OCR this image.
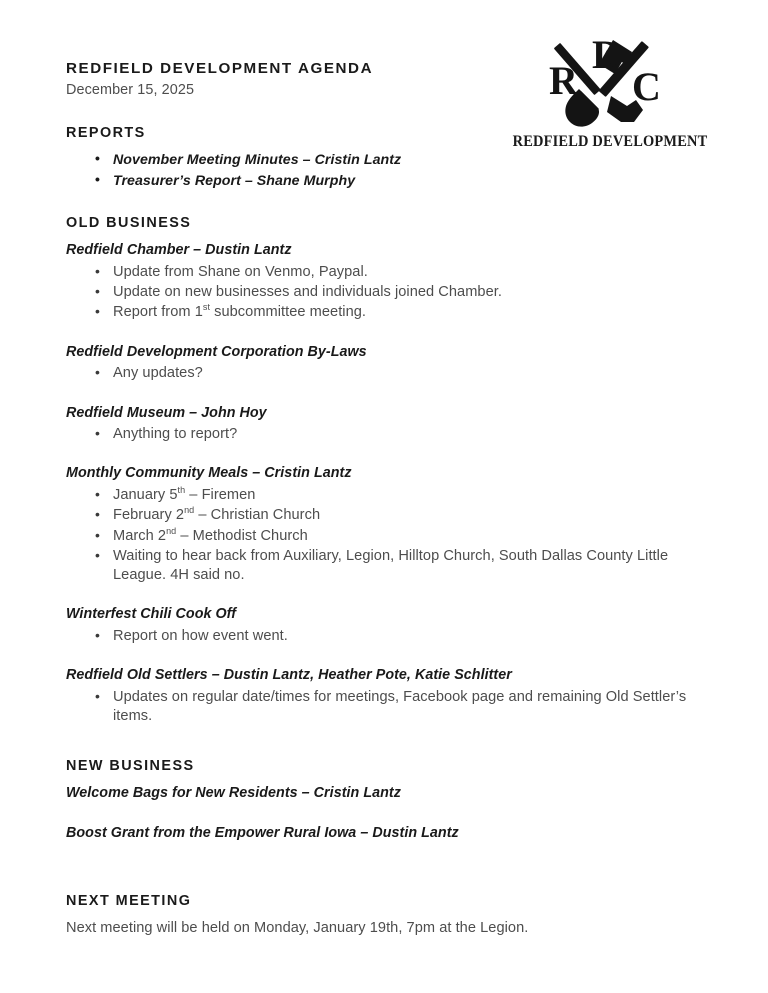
R
D
C
REDFIELD DEVELOPMENT
REDFIELD DEVELOPMENT AGENDA

December 15, 2025

REPORTS
• November Meeting Minutes – Cristin Lantz
• Treasurer’s Report – Shane Murphy
OLD BUSINESS
Redfield Chamber – Dustin Lantz
• Update from Shane on Venmo, Paypal.
• Update on new businesses and individuals joined Chamber.
• Report from 1st subcommittee meeting.
Redfield Development Corporation By-Laws
• Any updates?
Redfield Museum – John Hoy
• Anything to report?
Monthly Community Meals – Cristin Lantz
• January 5th – Firemen
• February 2nd – Christian Church
• March 2nd – Methodist Church
• Waiting to hear back from Auxiliary, Legion, Hilltop Church, South Dallas County Little League. 4H said no.
Winterfest Chili Cook Off
• Report on how event went.
Redfield Old Settlers – Dustin Lantz, Heather Pote, Katie Schlitter
• Updates on regular date/times for meetings, Facebook page and remaining Old Settler’s items.
NEW BUSINESS
Welcome Bags for New Residents – Cristin Lantz
Boost Grant from the Empower Rural Iowa – Dustin Lantz
NEXT MEETING

Next meeting will be held on Monday, January 19th, 7pm at the Legion.
